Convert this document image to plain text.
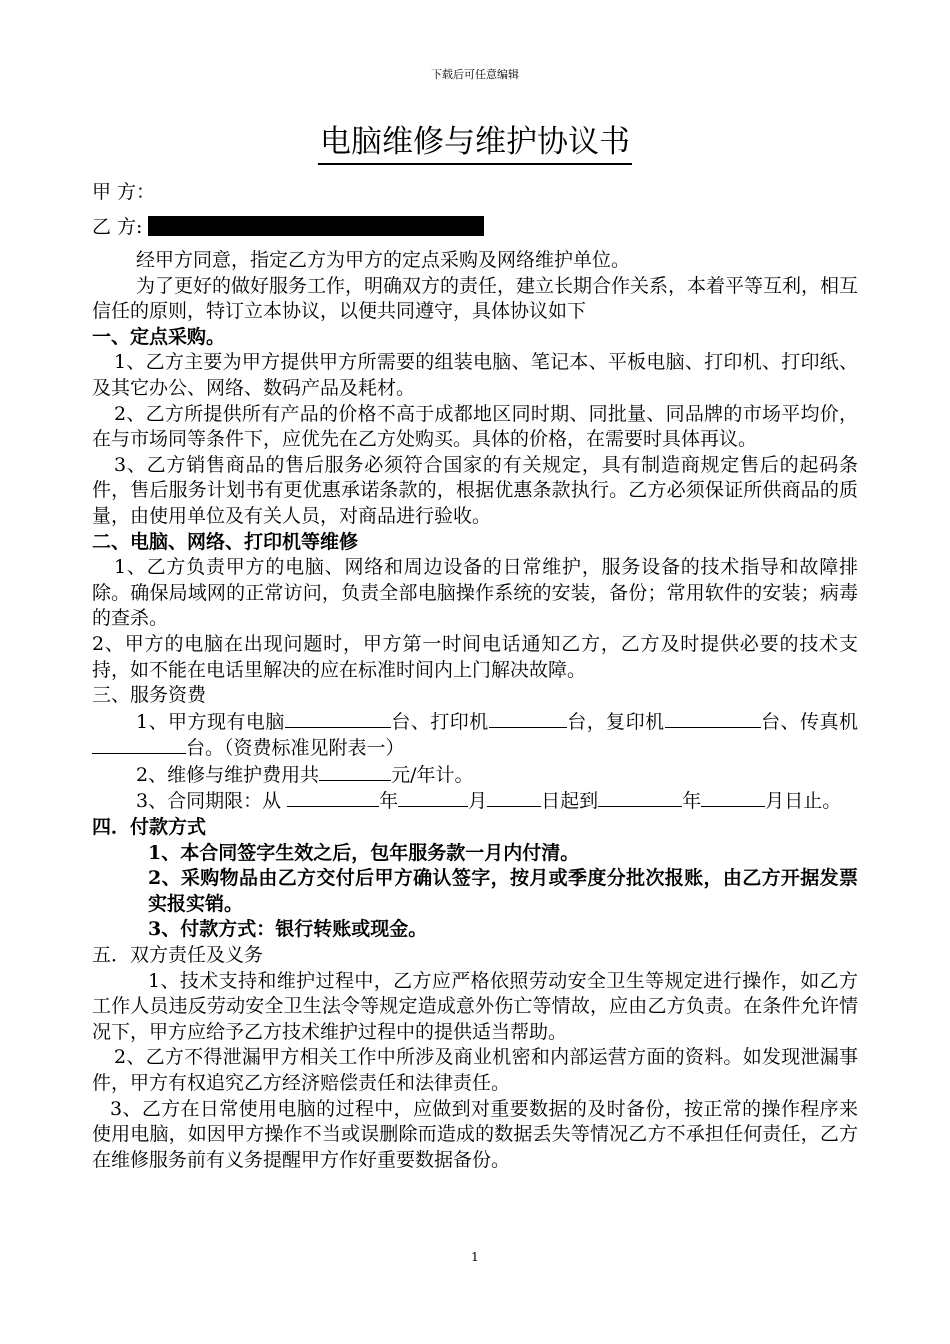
下载后可任意编辑
电脑维修与维护协议书
甲 方：
乙 方:

经甲方同意，指定乙方为甲方的定点采购及网络维护单位。

为了更好的做好服务工作，明确双方的责任，建立长期合作关系，本着平等互利，相互信任的原则，特订立本协议，以便共同遵守，具体协议如下

一、定点采购。

1、乙方主要为甲方提供甲方所需要的组装电脑、笔记本、平板电脑、打印机、打印纸、及其它办公、网络、数码产品及耗材。

2、乙方所提供所有产品的价格不高于成都地区同时期、同批量、同品牌的市场平均价，在与市场同等条件下，应优先在乙方处购买。具体的价格，在需要时具体再议。

3、乙方销售商品的售后服务必须符合国家的有关规定，具有制造商规定售后的起码条件，售后服务计划书有更优惠承诺条款的，根据优惠条款执行。乙方必须保证所供商品的质量，由使用单位及有关人员，对商品进行验收。

二、电脑、网络、打印机等维修

1、乙方负责甲方的电脑、网络和周边设备的日常维护，服务设备的技术指导和故障排除。确保局域网的正常访问，负责全部电脑操作系统的安装，备份；常用软件的安装；病毒的查杀。

2、甲方的电脑在出现问题时，甲方第一时间电话通知乙方，乙方及时提供必要的技术支持，如不能在电话里解决的应在标准时间内上门解决故障。

三、服务资费

1、甲方现有电脑	台、打印机	台，复印机	台、传真机台。（资费标准见附表一）

2、维修与维护费用共	元/年计。

3、合同期限：从	年	月	日起到	年	月日止。

四．付款方式

1、本合同签字生效之后，包年服务款一月内付清。

2、采购物品由乙方交付后甲方确认签字，按月或季度分批次报账，由乙方开据发票实报实销。

3、付款方式：银行转账或现金。

五．双方责任及义务

1、技术支持和维护过程中，乙方应严格依照劳动安全卫生等规定进行操作，如乙方工作人员违反劳动安全卫生法令等规定造成意外伤亡等情故，应由乙方负责。在条件允许情况下，甲方应给予乙方技术维护过程中的提供适当帮助。

2、乙方不得泄漏甲方相关工作中所涉及商业机密和内部运营方面的资料。如发现泄漏事件，甲方有权追究乙方经济赔偿责任和法律责任。

3、乙方在日常使用电脑的过程中，应做到对重要数据的及时备份，按正常的操作程序来使用电脑，如因甲方操作不当或误删除而造成的数据丢失等情况乙方不承担任何责任，乙方在维修服务前有义务提醒甲方作好重要数据备份。

1
